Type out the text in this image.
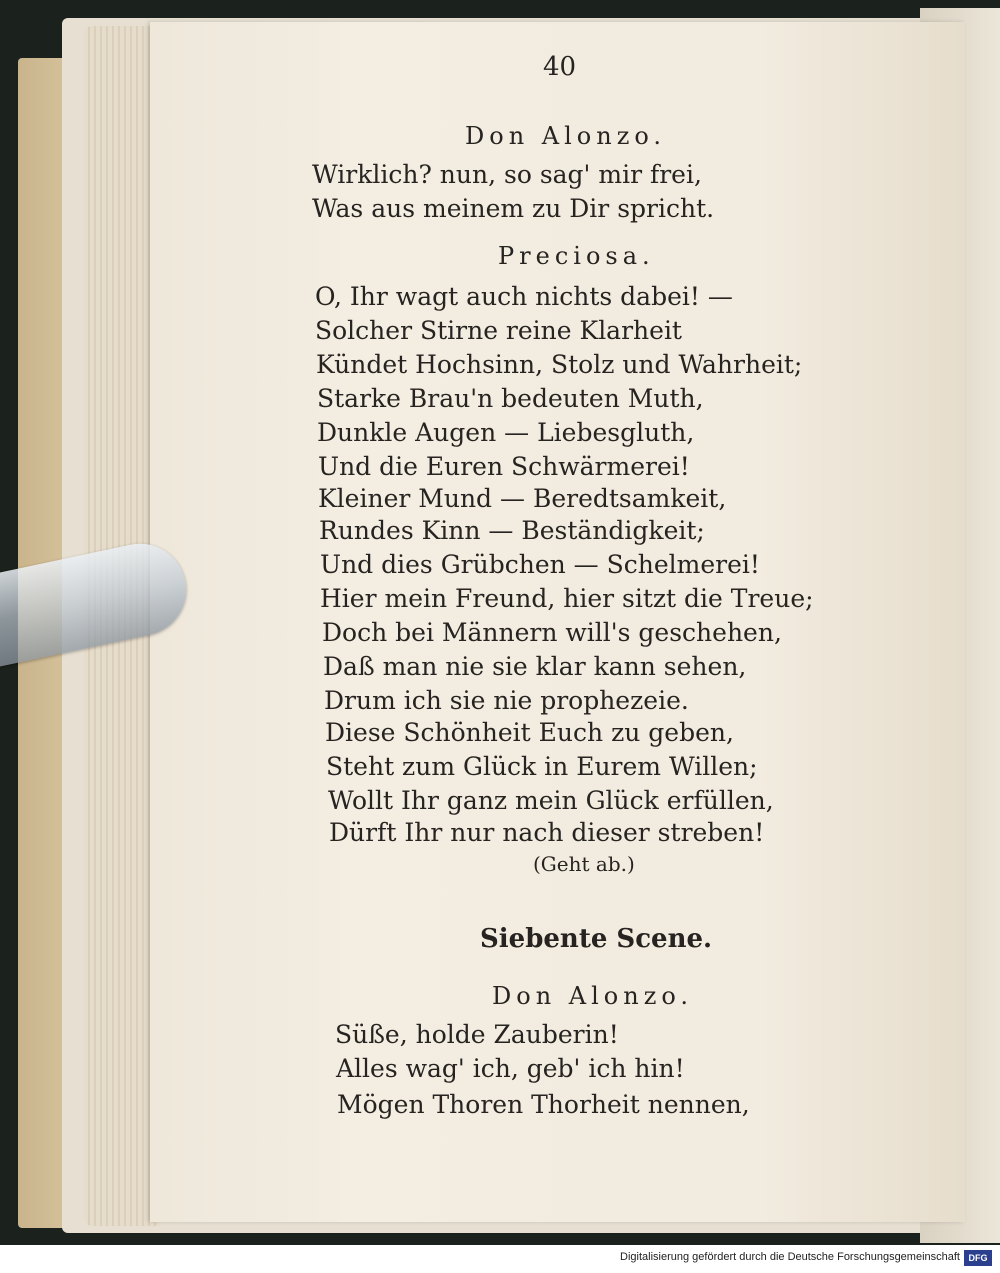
40
Don Alonzo.
Wirklich? nun, so sag' mir frei,
Was aus meinem zu Dir spricht.
Preciosa.
O, Ihr wagt auch nichts dabei! —
Solcher Stirne reine Klarheit
Kündet Hochsinn, Stolz und Wahrheit;
Starke Brau'n bedeuten Muth,
Dunkle Augen — Liebesgluth,
Und die Euren Schwärmerei!
Kleiner Mund — Beredtsamkeit,
Rundes Kinn — Beständigkeit;
Und dies Grübchen — Schelmerei!
Hier mein Freund, hier sitzt die Treue;
Doch bei Männern will's geschehen,
Daß man nie sie klar kann sehen,
Drum ich sie nie prophezeie.
Diese Schönheit Euch zu geben,
Steht zum Glück in Eurem Willen;
Wollt Ihr ganz mein Glück erfüllen,
Dürft Ihr nur nach dieser streben!
(Geht ab.)
Siebente Scene.
Don Alonzo.
Süße, holde Zauberin!
Alles wag' ich, geb' ich hin!
Mögen Thoren Thorheit nennen,
Digitalisierung gefördert durch die Deutsche Forschungsgemeinschaft DFG
